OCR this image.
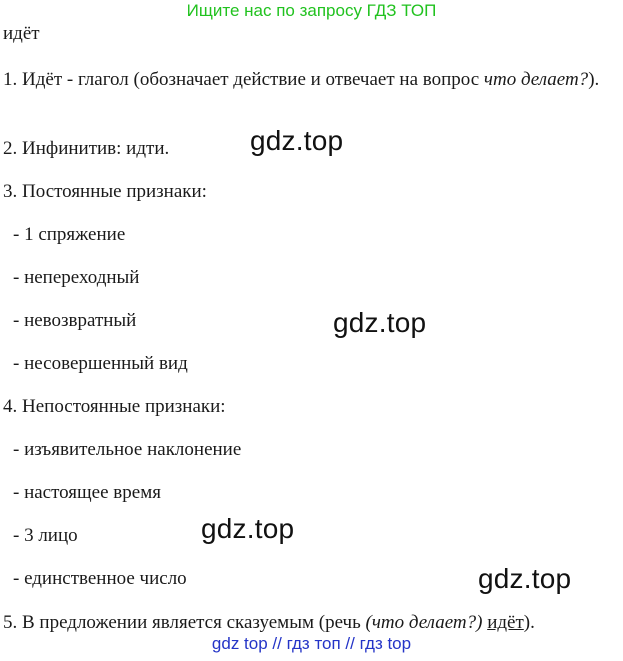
Ищите нас по запросу ГДЗ ТОП
идёт
1. Идёт - глагол (обозначает действие и отвечает на вопрос что делает?).
2. Инфинитив: идти.
3. Постоянные признаки:
- 1 спряжение
- непереходный
- невозвратный
- несовершенный вид
4. Непостоянные признаки:
- изъявительное наклонение
- настоящее время
- 3 лицо
- единственное число
5. В предложении является сказуемым (речь (что делает?) идёт).
gdz.top
gdz.top
gdz.top
gdz.top
gdz top // гдз топ // гдз top
